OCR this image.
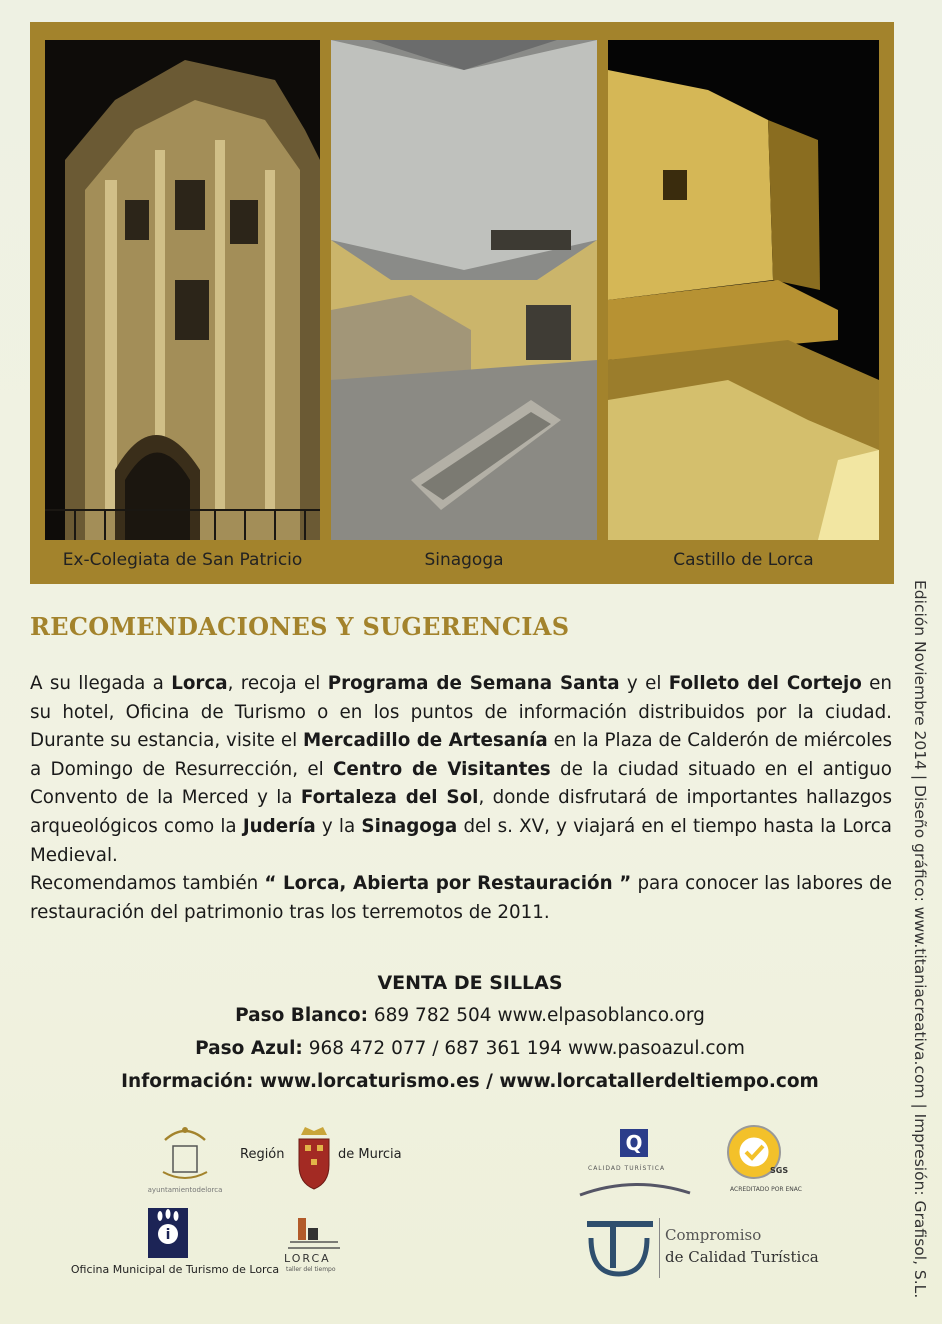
Ex-Colegiata de San Patricio	Sinagoga	Castillo de Lorca
RECOMENDACIONES Y SUGERENCIAS
A su llegada a Lorca, recoja el Programa de Semana Santa y el Folleto del Cortejo en su hotel, Oficina de Turismo o en los puntos de información distribuidos por la ciudad. Durante su estancia, visite el Mercadillo de Artesanía en la Plaza de Calderón de miércoles a Domingo de Resurrección, el Centro de Visitantes de la ciudad situado en el antiguo Convento de la Merced y la Fortaleza del Sol, donde disfrutará de importantes hallazgos arqueológicos como la Judería y la Sinagoga del s. XV, y viajará en el tiempo hasta la Lorca Medieval.
Recomendamos también “ Lorca, Abierta por Restauración ” para conocer las labores de restauración del patrimonio tras los terremotos de 2011.
VENTA DE SILLAS
Paso Blanco: 689 782 504 www.elpasoblanco.org
Paso Azul: 968 472 077 / 687 361 194 www.pasoazul.com
Información: www.lorcaturismo.es / www.lorcatallerdeltiempo.com	Edición Noviembre 2014 | Diseño gráfico: www.titaniacreativa.com | Impresión: Grafisol, S.L.
ayuntamientodelorca
Región	de Murcia	Q
CALIDAD TURÍSTICA	SGS
ACREDITADO POR ENAC
i
Oficina Municipal de Turismo de Lorca
LORCA
taller del tiempo
Compromiso
de Calidad Turística
